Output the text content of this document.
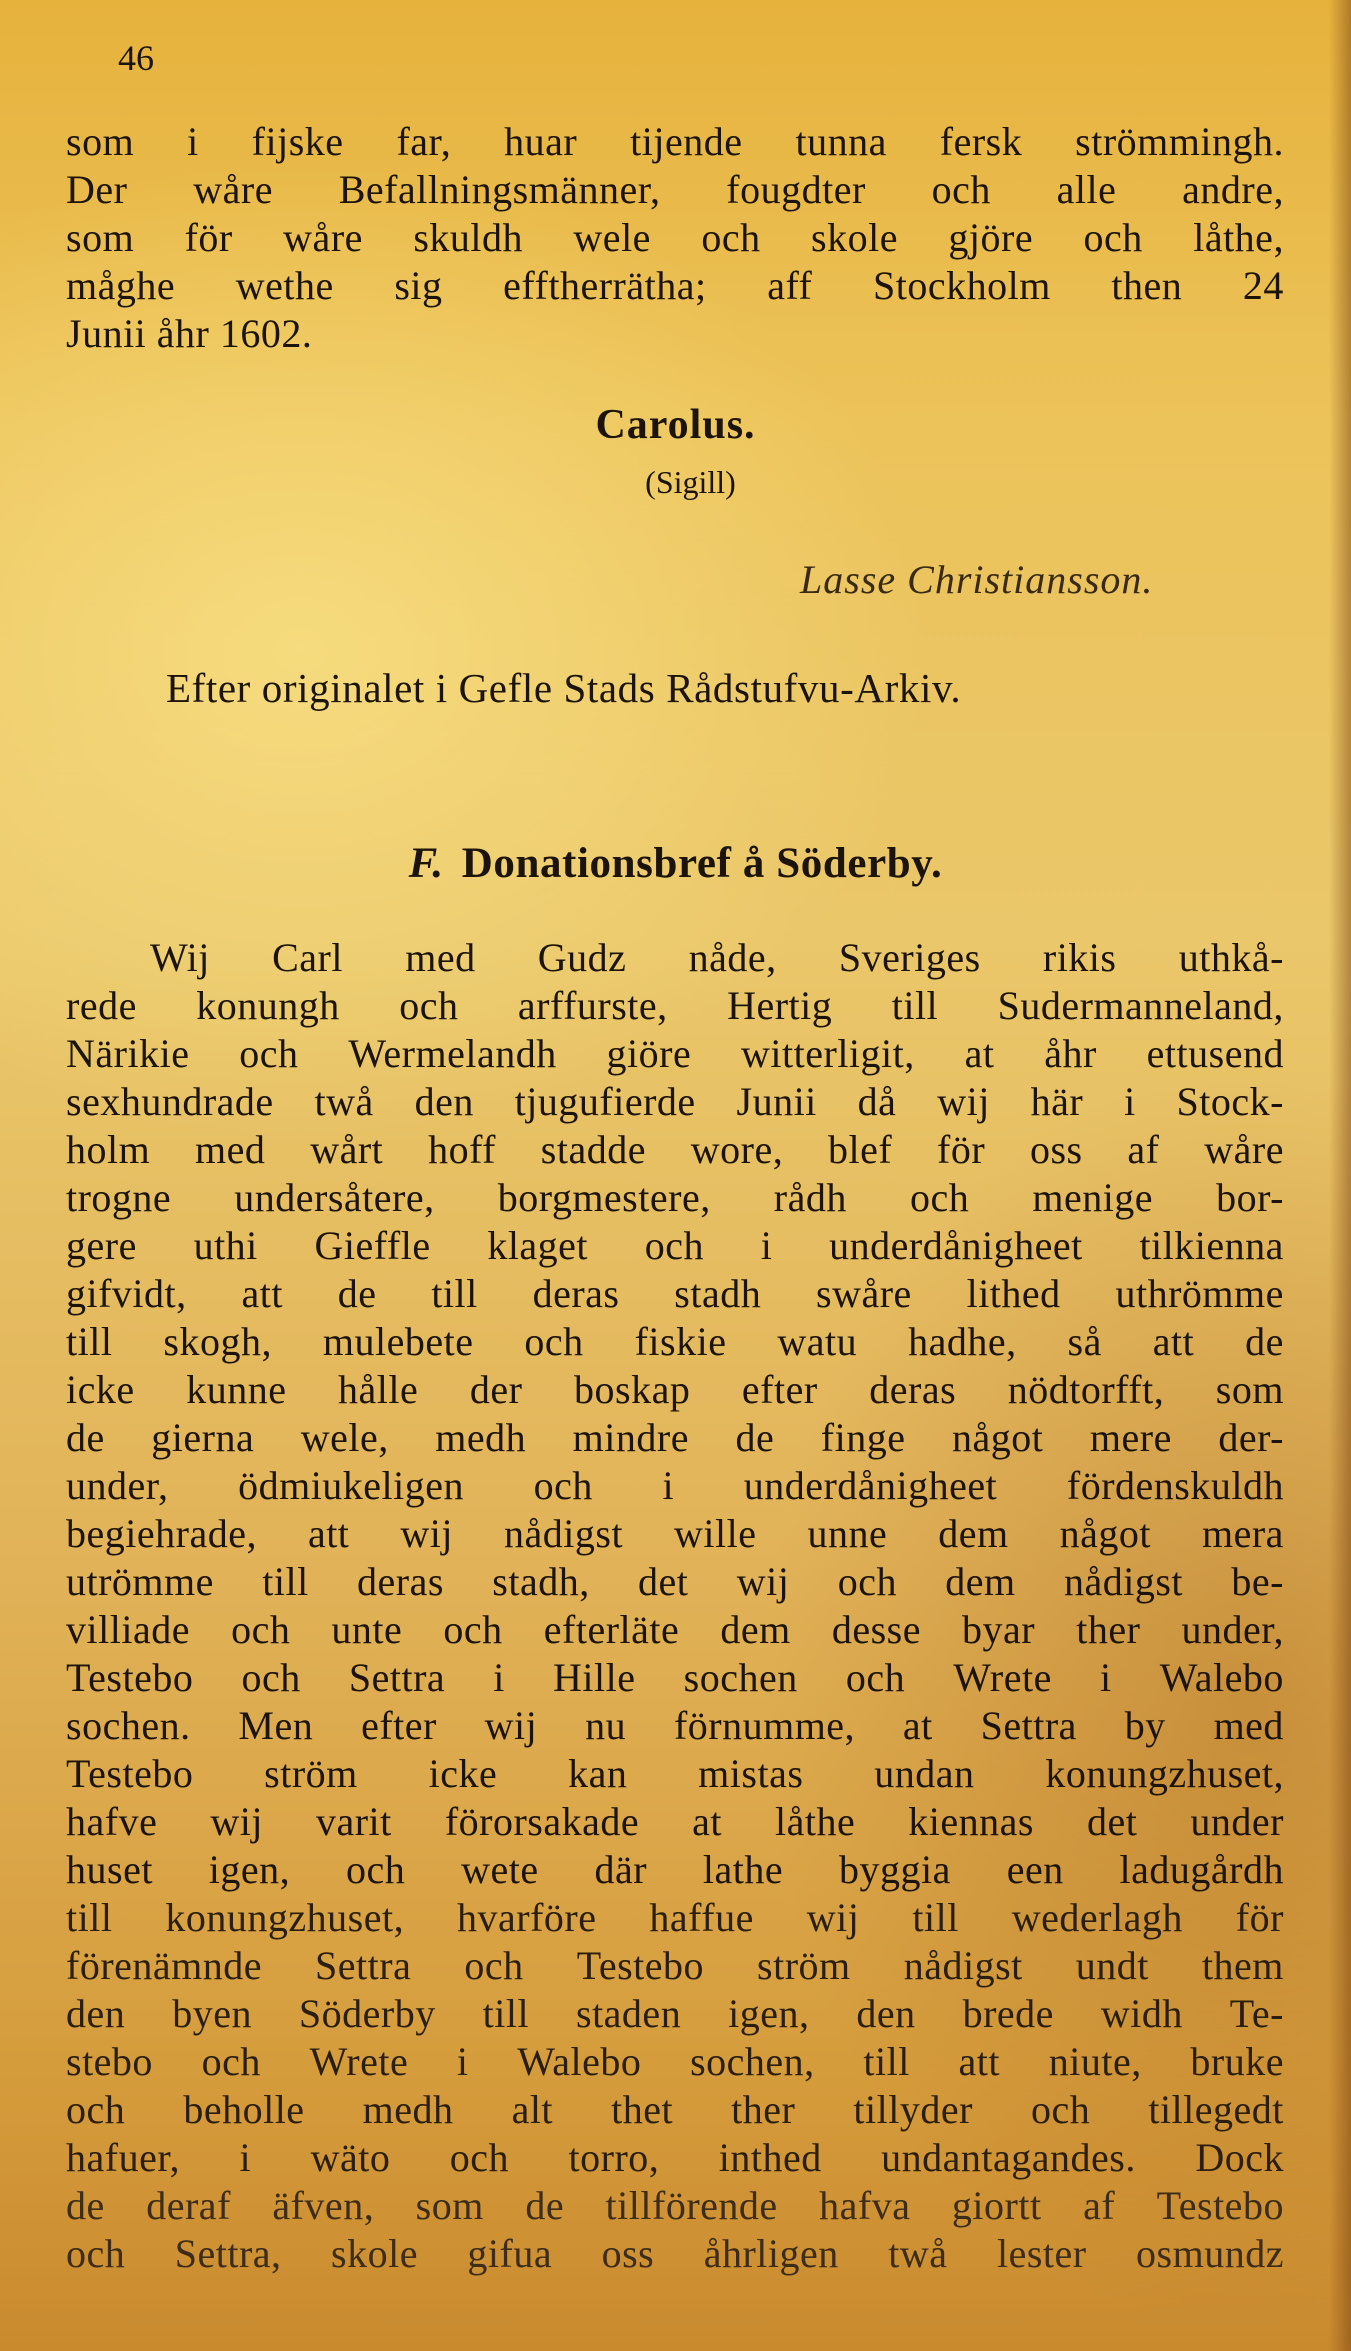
46

som i fijske far, huar tijende tunna fersk strömmingh.
Der wåre Befallningsmänner, fougdter och alle andre,
som för wåre skuldh wele och skole gjöre och låthe,
måghe wethe sig efftherrätha; aff Stockholm then 24

Junii åhr 1602.

Carolus.

(Sigill)

Lasse Christiansson.

Efter originalet i Gefle Stads Rådstufvu-Arkiv.

F. Donationsbref å Söderby.

Wij Carl med Gudz nåde, Sveriges rikis uthkå-
rede konungh och arffurste, Hertig till Sudermanneland,
Närikie och Wermelandh giöre witterligit, at åhr ettusend
sexhundrade twå den tjugufierde Junii då wij här i Stock-
holm med wårt hoff stadde wore, blef för oss af wåre
trogne undersåtere, borgmestere, rådh och menige bor-
gere uthi Gieffle klaget och i underdånigheet tilkienna
gifvidt, att de till deras stadh swåre lithed uthrömme
till skogh, mulebete och fiskie watu hadhe, så att de
icke kunne hålle der boskap efter deras nödtorfft, som
de gierna wele, medh mindre de finge något mere der-
under, ödmiukeligen och i underdånigheet fördenskuldh
begiehrade, att wij nådigst wille unne dem något mera
utrömme till deras stadh, det wij och dem nådigst be-
villiade och unte och efterläte dem desse byar ther under,
Testebo och Settra i Hille sochen och Wrete i Walebo
sochen. Men efter wij nu förnumme, at Settra by med
Testebo ström icke kan mistas undan konungzhuset,
hafve wij varit förorsakade at låthe kiennas det under
huset igen, och wete där lathe byggia een ladugårdh
till konungzhuset, hvarföre haffue wij till wederlagh för
förenämnde Settra och Testebo ström nådigst undt them
den byen Söderby till staden igen, den brede widh Te-
stebo och Wrete i Walebo sochen, till att niute, bruke
och beholle medh alt thet ther tillyder och tillegedt
hafuer, i wäto och torro, inthed undantagandes. Dock
de deraf äfven, som de tillförende hafva giortt af Testebo
och Settra, skole gifua oss åhrligen twå lester osmundz
